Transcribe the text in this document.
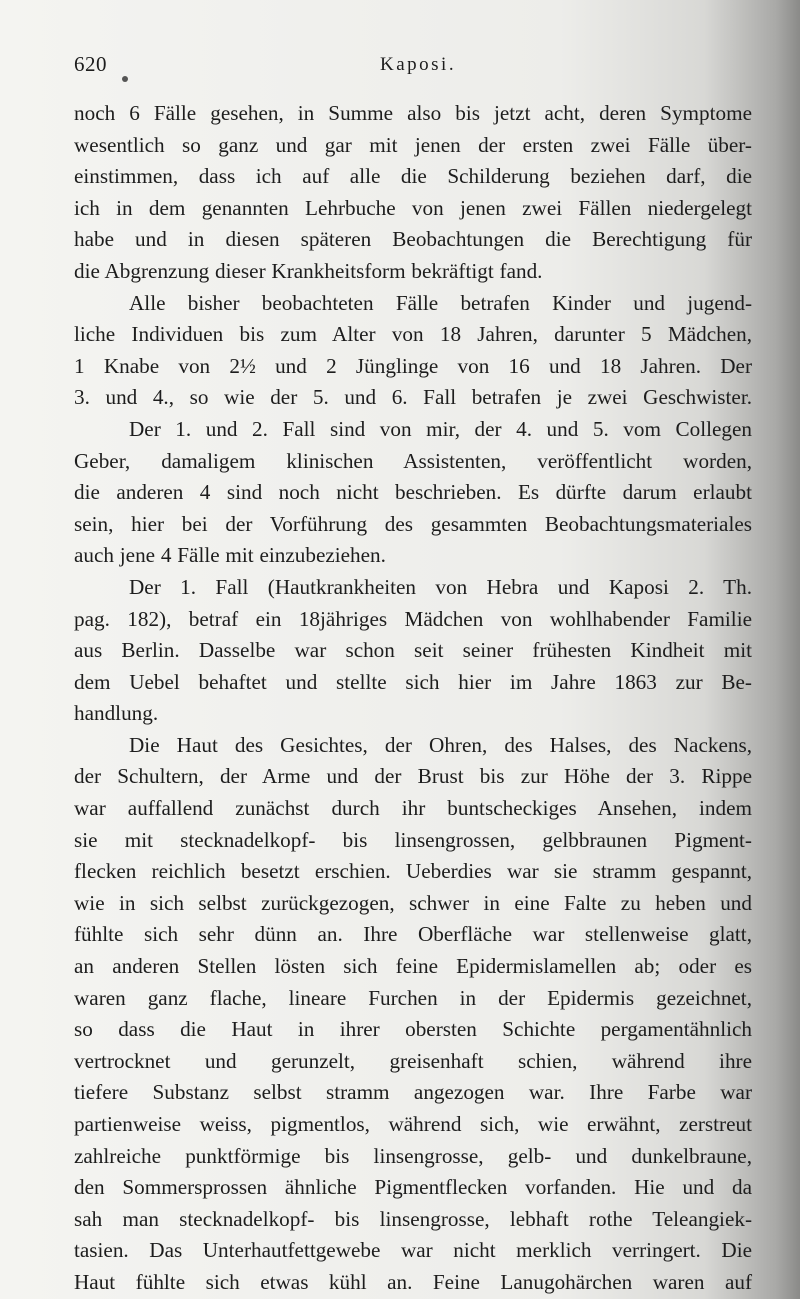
620	Kaposi.
noch 6 Fälle gesehen, in Summe also bis jetzt acht, deren Symptome
wesentlich so ganz und gar mit jenen der ersten zwei Fälle über-
einstimmen, dass ich auf alle die Schilderung beziehen darf, die
ich in dem genannten Lehrbuche von jenen zwei Fällen niedergelegt
habe und in diesen späteren Beobachtungen die Berechtigung für
die Abgrenzung dieser Krankheitsform bekräftigt fand.
Alle bisher beobachteten Fälle betrafen Kinder und jugend-
liche Individuen bis zum Alter von 18 Jahren, darunter 5 Mädchen,
1 Knabe von 2½ und 2 Jünglinge von 16 und 18 Jahren. Der
3. und 4., so wie der 5. und 6. Fall betrafen je zwei Geschwister.
Der 1. und 2. Fall sind von mir, der 4. und 5. vom Collegen
Geber, damaligem klinischen Assistenten, veröffentlicht worden,
die anderen 4 sind noch nicht beschrieben. Es dürfte darum erlaubt
sein, hier bei der Vorführung des gesammten Beobachtungsmateriales
auch jene 4 Fälle mit einzubeziehen.
Der 1. Fall (Hautkrankheiten von Hebra und Kaposi 2. Th.
pag. 182), betraf ein 18jähriges Mädchen von wohlhabender Familie
aus Berlin. Dasselbe war schon seit seiner frühesten Kindheit mit
dem Uebel behaftet und stellte sich hier im Jahre 1863 zur Be-
handlung.
Die Haut des Gesichtes, der Ohren, des Halses, des Nackens,
der Schultern, der Arme und der Brust bis zur Höhe der 3. Rippe
war auffallend zunächst durch ihr buntscheckiges Ansehen, indem
sie mit stecknadelkopf- bis linsengrossen, gelbbraunen Pigment-
flecken reichlich besetzt erschien. Ueberdies war sie stramm gespannt,
wie in sich selbst zurückgezogen, schwer in eine Falte zu heben und
fühlte sich sehr dünn an. Ihre Oberfläche war stellenweise glatt,
an anderen Stellen lösten sich feine Epidermislamellen ab; oder es
waren ganz flache, lineare Furchen in der Epidermis gezeichnet,
so dass die Haut in ihrer obersten Schichte pergamentähnlich
vertrocknet und gerunzelt, greisenhaft schien, während ihre
tiefere Substanz selbst stramm angezogen war. Ihre Farbe war
partienweise weiss, pigmentlos, während sich, wie erwähnt, zerstreut
zahlreiche punktförmige bis linsengrosse, gelb- und dunkelbraune,
den Sommersprossen ähnliche Pigmentflecken vorfanden. Hie und da
sah man stecknadelkopf- bis linsengrosse, lebhaft rothe Teleangiek-
tasien. Das Unterhautfettgewebe war nicht merklich verringert. Die
Haut fühlte sich etwas kühl an. Feine Lanugohärchen waren auf
